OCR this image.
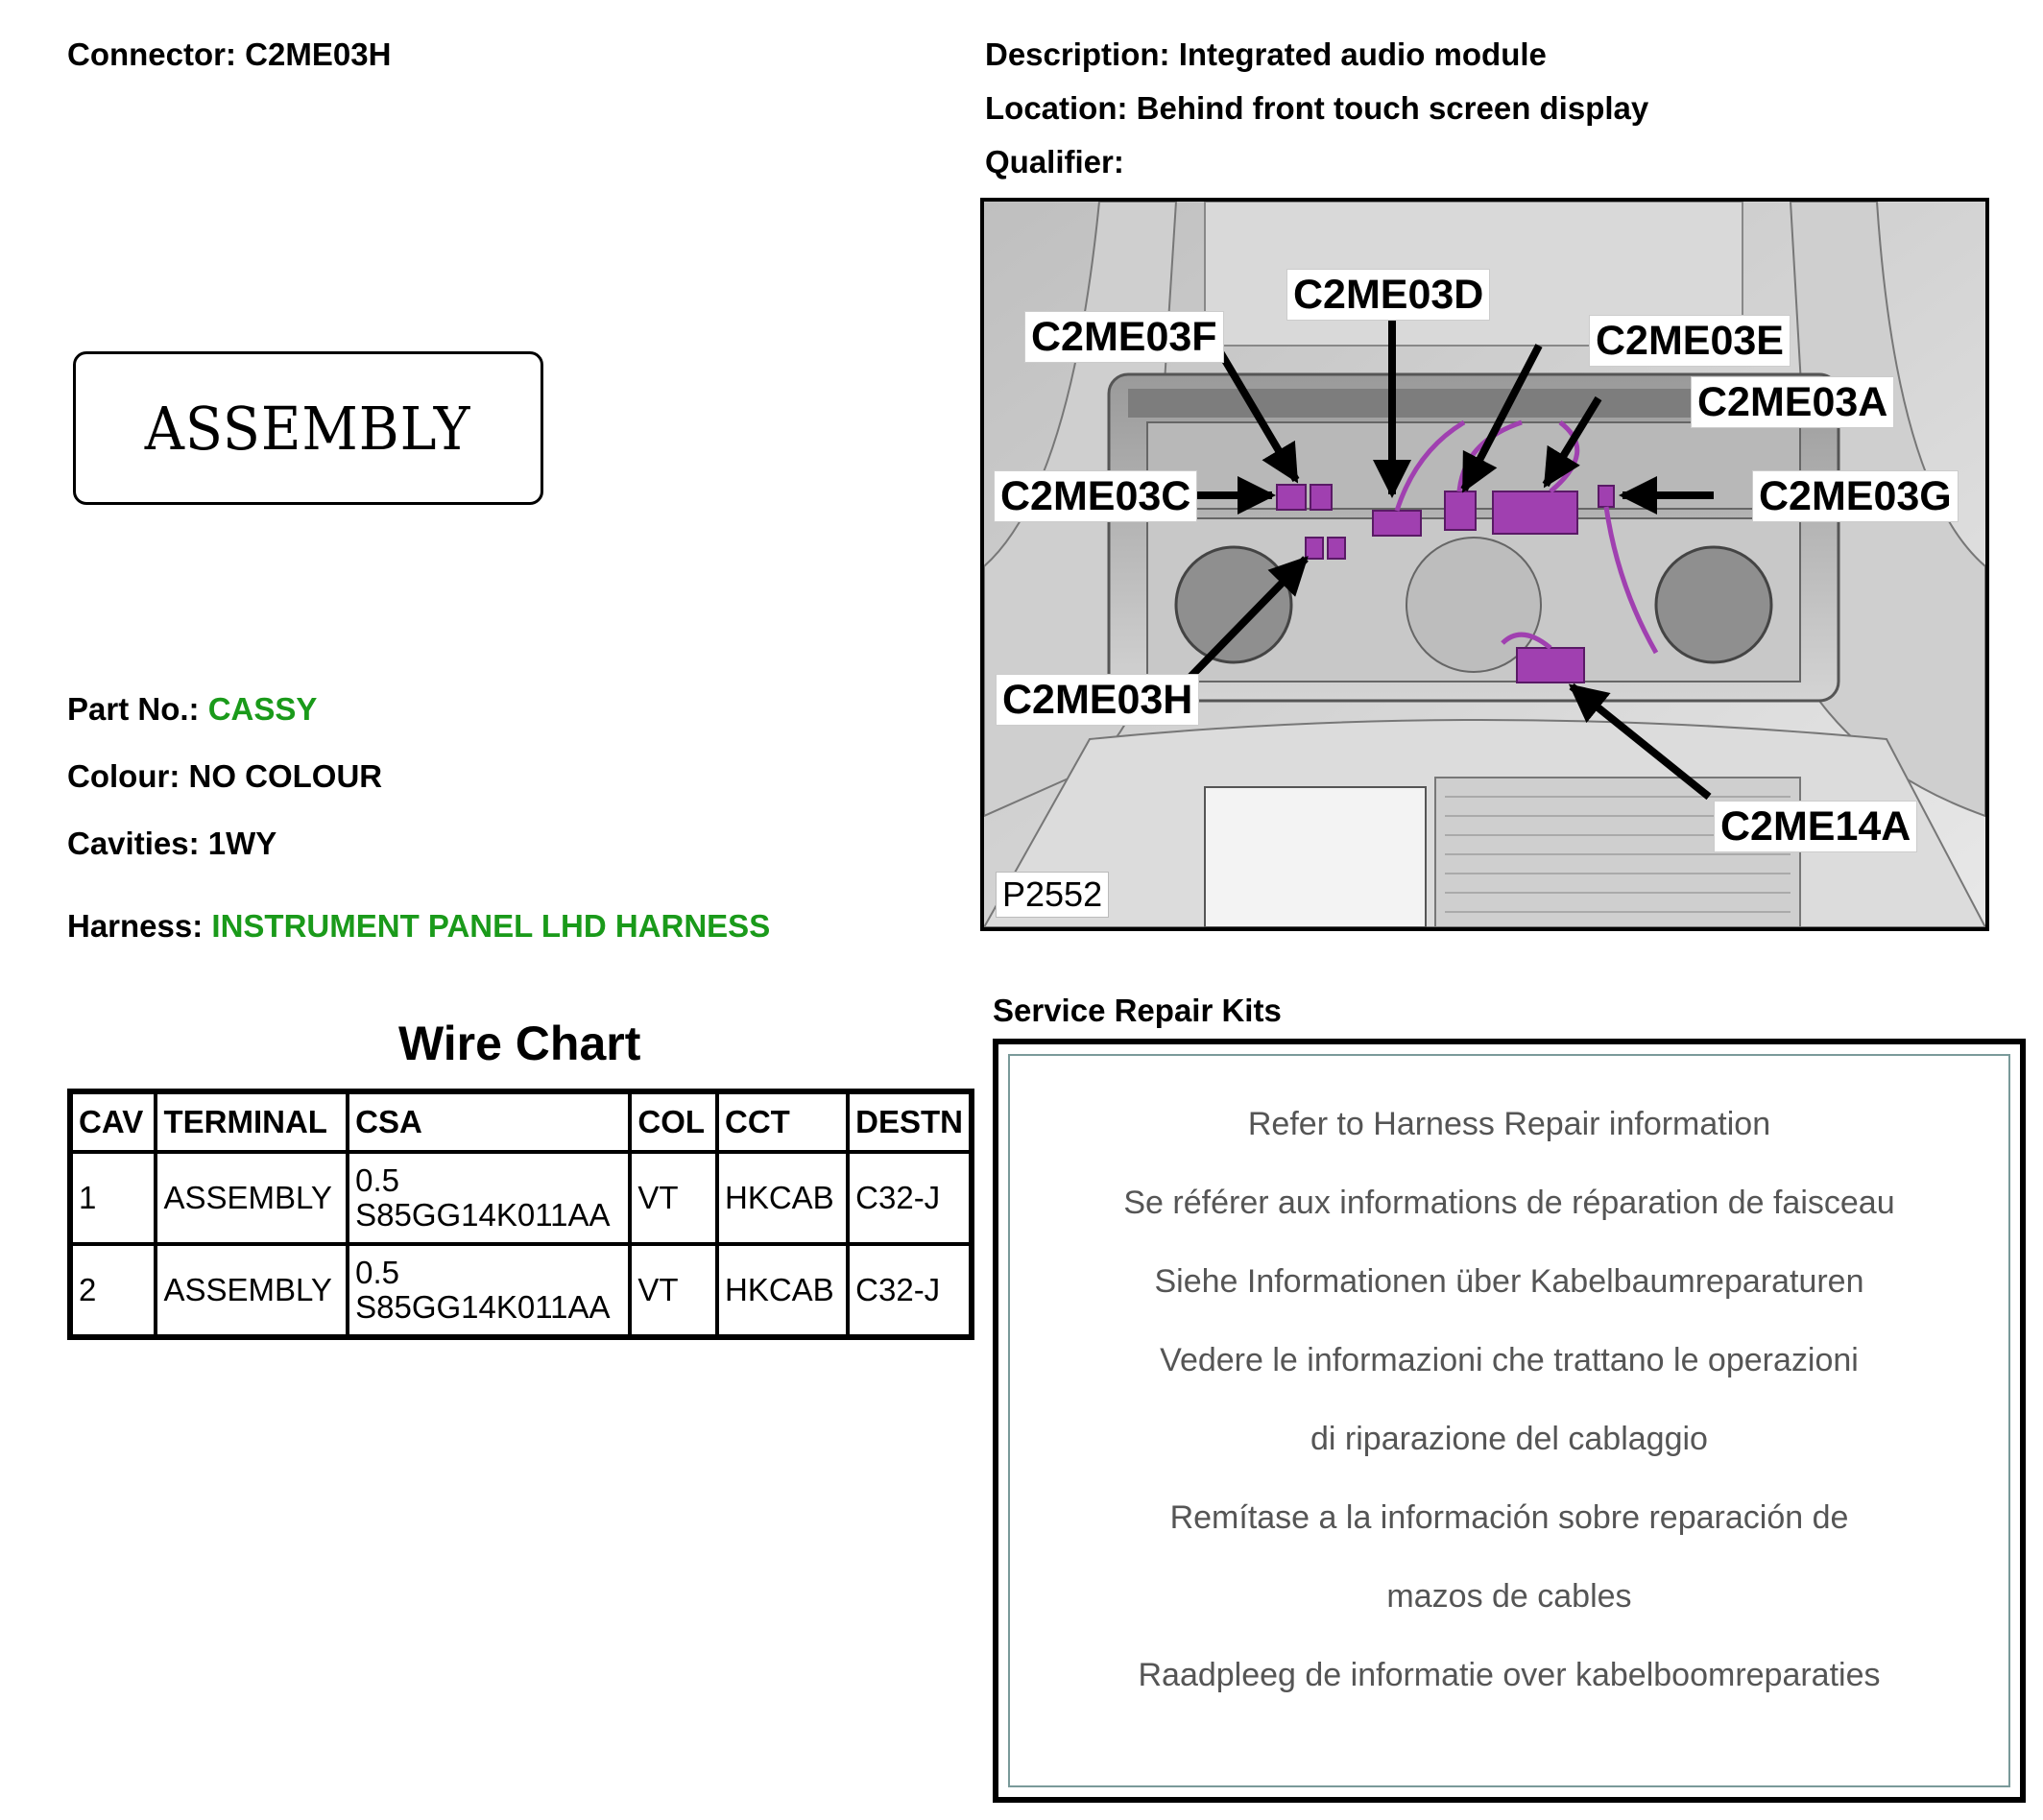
Connector: C2ME03H	Description: Integrated audio module
Location: Behind front touch screen display
Qualifier:
ASSEMBLY
Part No.: CASSY
Colour: NO COLOUR
Cavities: 1WY
Harness: INSTRUMENT PANEL LHD HARNESS
Wire Chart
CAV	TERMINAL	CSA	COL	CCT	DESTN
1	ASSEMBLY	0.5
S85GG14K011AA	VT	HKCAB	C32-J
2	ASSEMBLY	0.5
S85GG14K011AA	VT	HKCAB	C32-J
C2ME03D
C2ME03F	C2ME03E
C2ME03A
C2ME03C	C2ME03G
C2ME03H
C2ME14A
P2552
Service Repair Kits
Refer to Harness Repair information
Se référer aux informations de réparation de faisceau
Siehe Informationen über Kabelbaumreparaturen
Vedere le informazioni che trattano le operazioni
di riparazione del cablaggio
Remítase a la información sobre reparación de
mazos de cables
Raadpleeg de informatie over kabelboomreparaties
